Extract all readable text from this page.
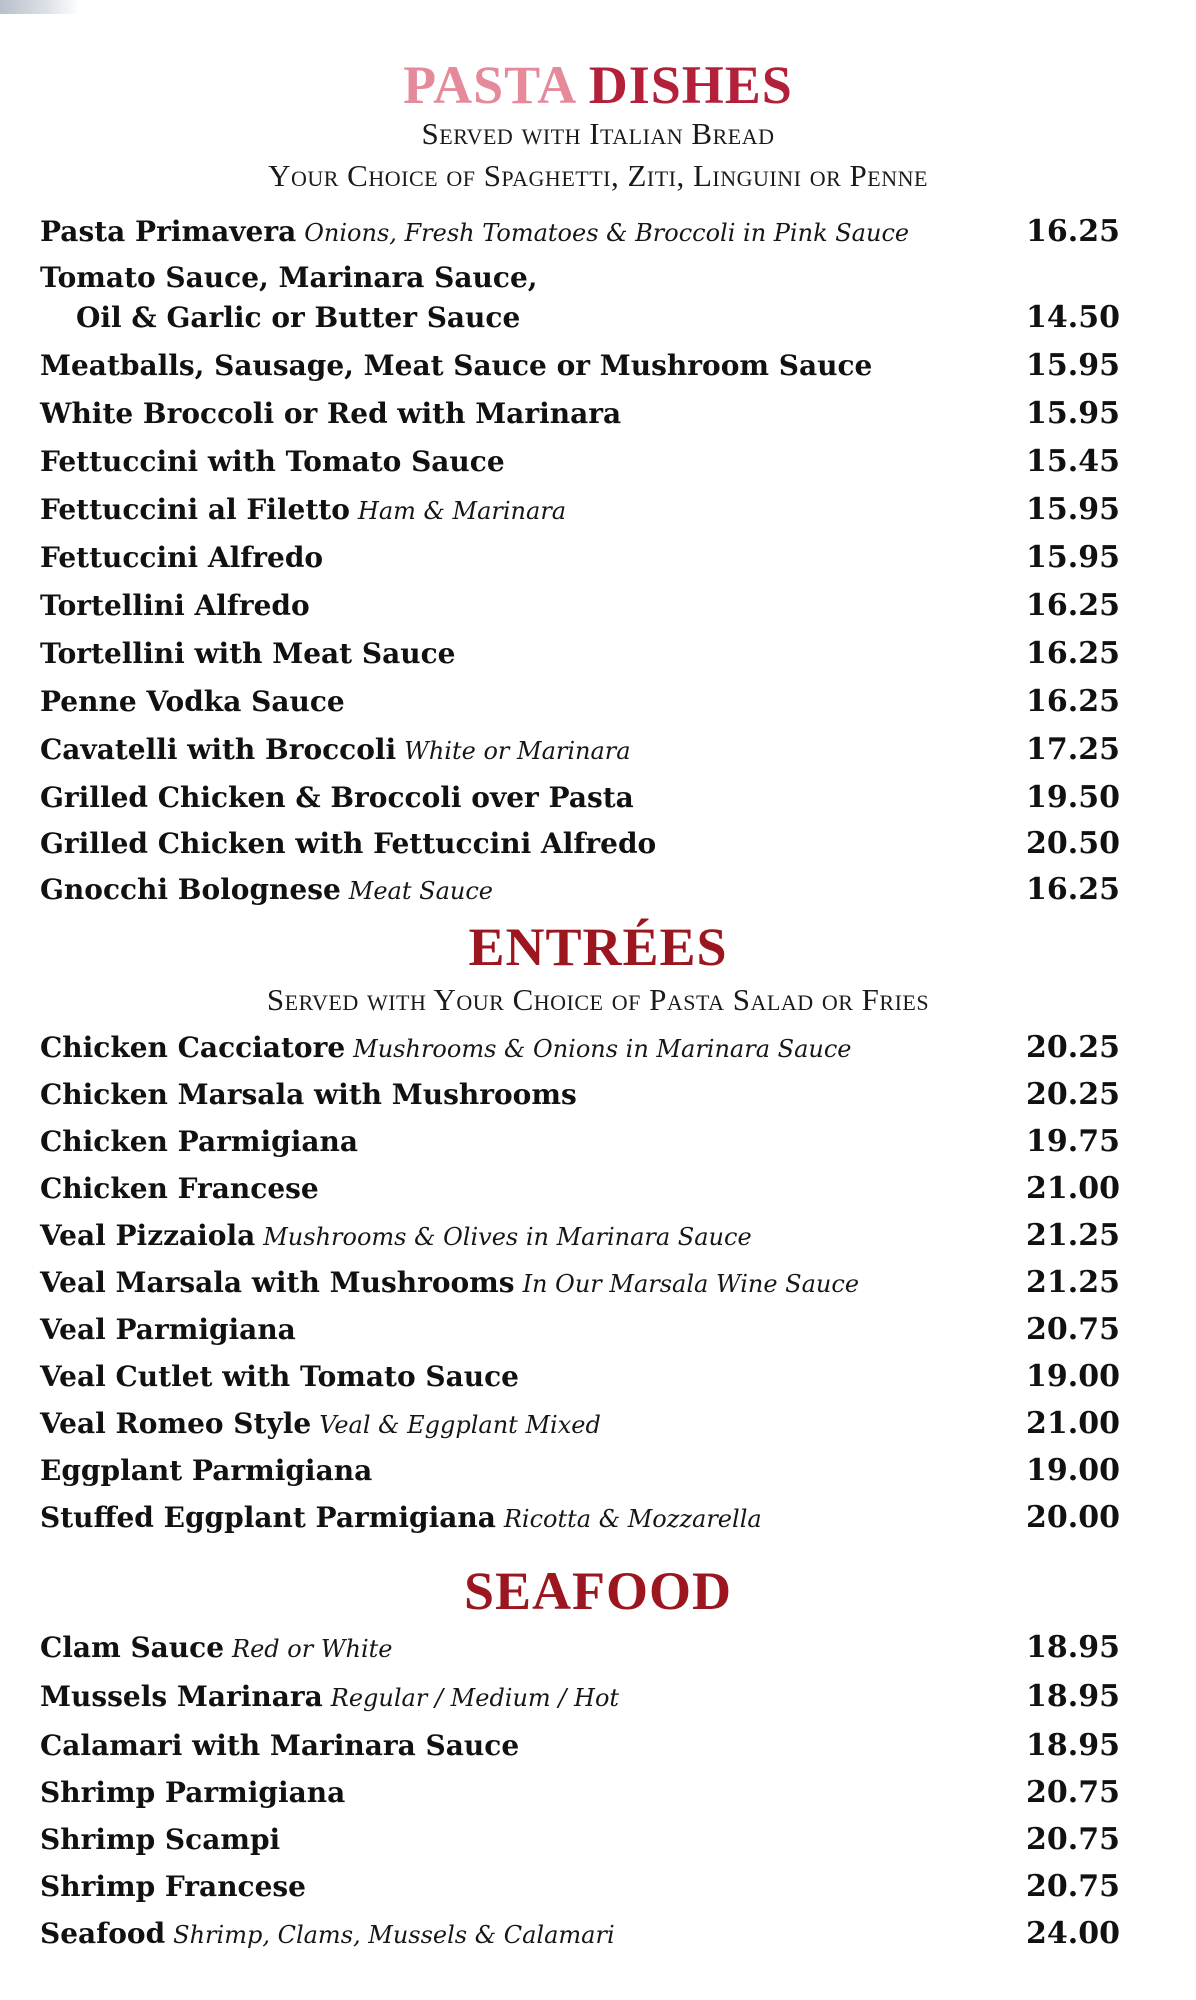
PASTA DISHES

Served with Italian Bread

Your Choice of Spaghetti, Ziti, Linguini or Penne

Pasta Primavera Onions, Fresh Tomatoes & Broccoli in Pink Sauce	16.25
Tomato Sauce, Marinara Sauce,
Oil & Garlic or Butter Sauce	14.50
Meatballs, Sausage, Meat Sauce or Mushroom Sauce	15.95
White Broccoli or Red with Marinara	15.95
Fettuccini with Tomato Sauce	15.45
Fettuccini al Filetto Ham & Marinara	15.95
Fettuccini Alfredo	15.95
Tortellini Alfredo	16.25
Tortellini with Meat Sauce	16.25
Penne Vodka Sauce	16.25
Cavatelli with Broccoli White or Marinara	17.25
Grilled Chicken & Broccoli over Pasta	19.50
Grilled Chicken with Fettuccini Alfredo	20.50
Gnocchi Bolognese Meat Sauce	16.25
ENTRÉES

Served with Your Choice of Pasta Salad or Fries

Chicken Cacciatore Mushrooms & Onions in Marinara Sauce	20.25
Chicken Marsala with Mushrooms	20.25
Chicken Parmigiana	19.75
Chicken Francese	21.00
Veal Pizzaiola Mushrooms & Olives in Marinara Sauce	21.25
Veal Marsala with Mushrooms In Our Marsala Wine Sauce	21.25
Veal Parmigiana	20.75
Veal Cutlet with Tomato Sauce	19.00
Veal Romeo Style Veal & Eggplant Mixed	21.00
Eggplant Parmigiana	19.00
Stuffed Eggplant Parmigiana Ricotta & Mozzarella	20.00
SEAFOOD
Clam Sauce Red or White	18.95
Mussels Marinara Regular / Medium / Hot	18.95
Calamari with Marinara Sauce	18.95
Shrimp Parmigiana	20.75
Shrimp Scampi	20.75
Shrimp Francese	20.75
Seafood Shrimp, Clams, Mussels & Calamari	24.00
